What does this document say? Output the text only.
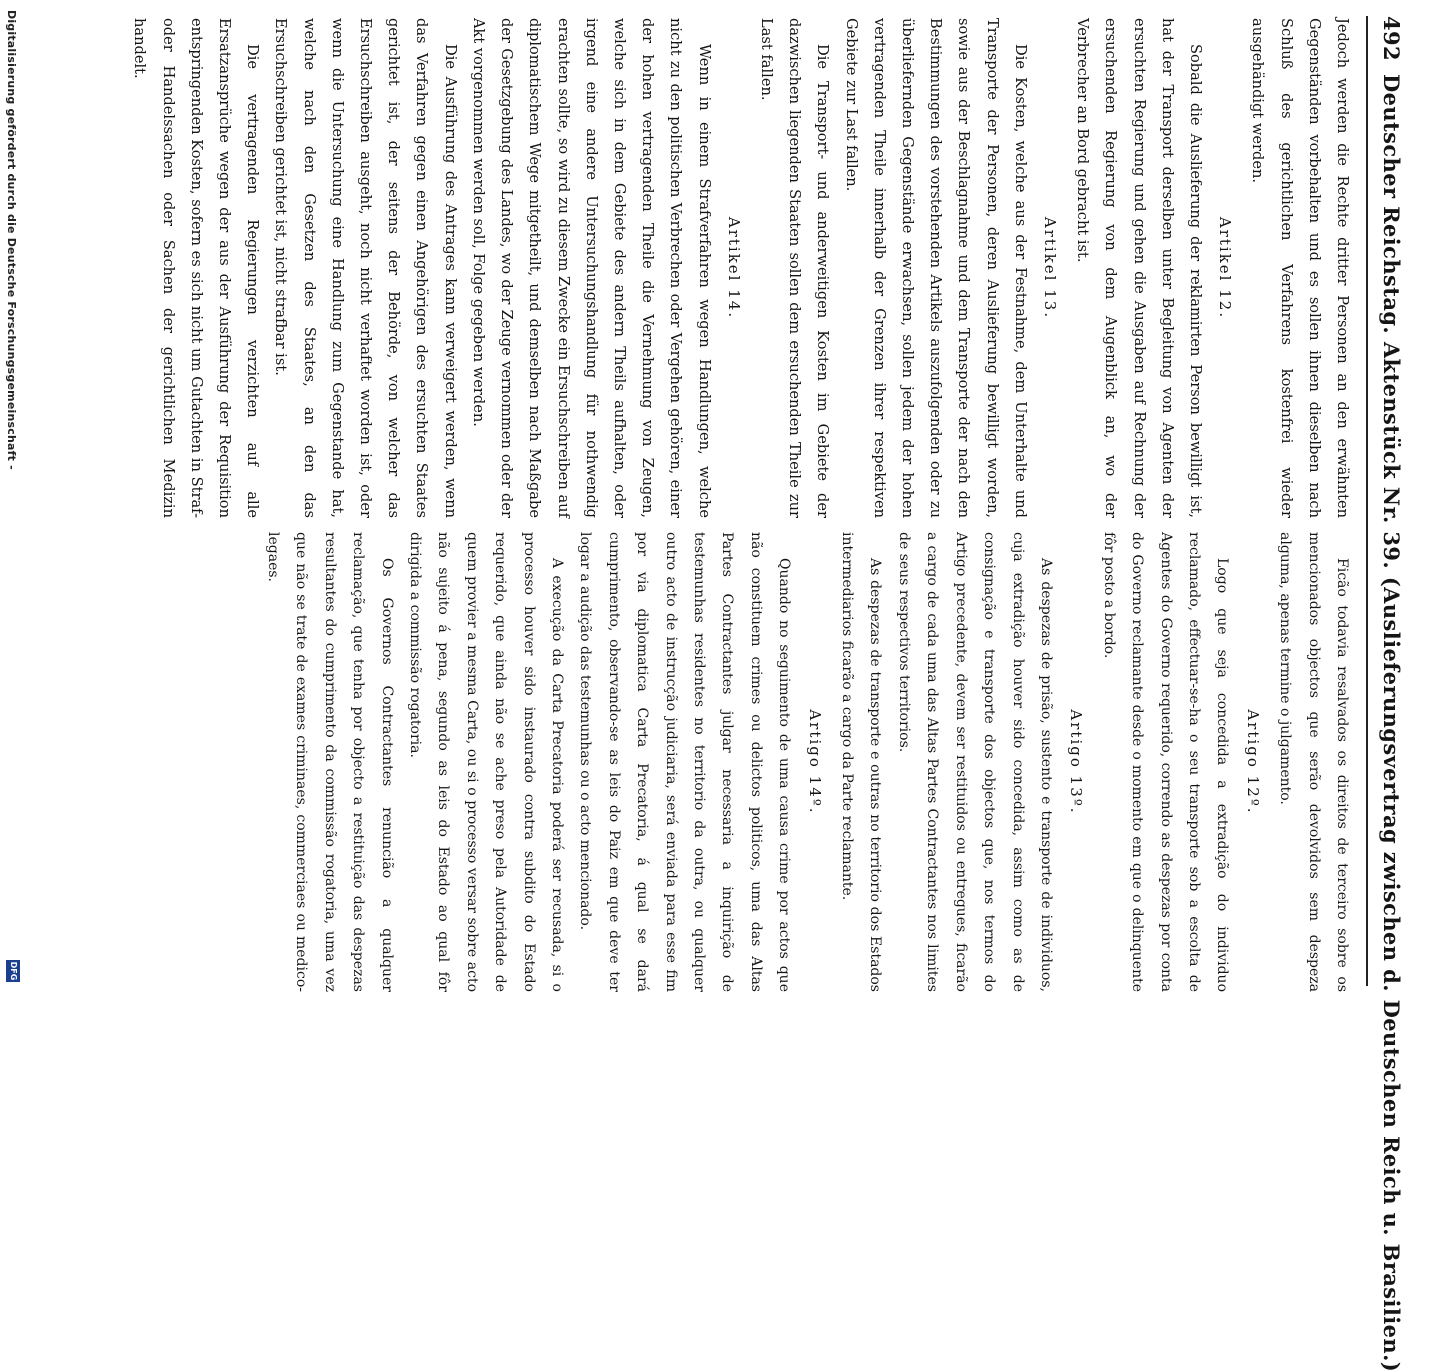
492
Deutscher Reichstag. Aktenstück Nr. 39. (Auslieferungsvertrag zwischen d. Deutschen Reich u. Brasilien.)

Jedoch werden die Rechte dritter Personen an den erwähnten Gegenständen vorbehalten und es sollen ihnen dieselben nach Schluß des gerichtlichen Verfahrens kostenfrei wieder ausgehändigt werden.

Artikel 12.

Sobald die Auslieferung der reklamirten Person bewilligt ist, hat der Transport derselben unter Begleitung von Agenten der ersuchten Regierung und gehen die Ausgaben auf Rechnung der ersuchenden Regierung von dem Augenblick an, wo der Verbrecher an Bord gebracht ist.

Artikel 13.

Die Kosten, welche aus der Festnahme, dem Unterhalte und Transporte der Personen, deren Auslieferung bewilligt worden, sowie aus der Beschlagnahme und dem Transporte der nach den Bestimmungen des vorstehenden Artikels auszufolgenden oder zu überliefernden Gegenstände erwachsen, sollen jedem der hohen vertragenden Theile innerhalb der Grenzen ihrer respektiven Gebiete zur Last fallen.

Die Transport- und anderweitigen Kosten im Gebiete der dazwischen liegenden Staaten sollen dem ersuchenden Theile zur Last fallen.

Artikel 14.

Wenn in einem Strafverfahren wegen Handlungen, welche nicht zu den politischen Verbrechen oder Vergehen gehören, einer der hohen vertragenden Theile die Vernehmung von Zeugen, welche sich in dem Gebiete des andern Theils aufhalten, oder irgend eine andere Untersuchungshandlung für nothwendig erachten sollte, so wird zu diesem Zwecke ein Ersuchschreiben auf diplomatischem Wege mitgetheilt, und demselben nach Maßgabe der Gesetzgebung des Landes, wo der Zeuge vernommen oder der Akt vorgenommen werden soll, Folge gegeben werden.

Die Ausführung des Antrages kann verweigert werden, wenn das Verfahren gegen einen Angehörigen des ersuchten Staates gerichtet ist, der seitens der Behörde, von welcher das Ersuchschreiben ausgeht, noch nicht verhaftet worden ist, oder wenn die Untersuchung eine Handlung zum Gegenstande hat, welche nach den Gesetzen des Staates, an den das Ersuchschreiben gerichtet ist, nicht strafbar ist.

Die vertragenden Regierungen verzichten auf alle Ersatzansprüche wegen der aus der Ausführung der Requisition entspringenden Kosten, sofern es sich nicht um Gutachten in Straf- oder Handelssachen oder Sachen der gerichtlichen Medizin handelt.

Ficão todavia resalvados os direitos de terceiro sobre os mencionados objectos que serão devolvidos sem despeza alguma, apenas termine o julgamento.

Artigo 12º.

Logo que seja concedida a extradição do individuo reclamado, effectuar-se-ha o seu transporte sob a escolta de Agentes do Governo requerido, correndo as despezas por conta do Governo reclamante desde o momento em que o delinquente fôr posto a bordo.

Artigo 13º.

As despezas de prisão, sustento e transporte de individuos, cuja extradição houver sido concedida, assim como as de consignação e transporte dos objectos que, nos termos do Artigo precedente, devem ser restituidos ou entregues, ficarão a cargo de cada uma das Altas Partes Contractantes nos limites de seus respectivos territorios.

As despezas de transporte e outras no territorio dos Estados intermediarios ficarão a cargo da Parte reclamante.

Artigo 14º.

Quando no seguimento de uma causa crime por actos que não constituem crimes ou delictos politicos, uma das Altas Partes Contractantes julgar necessaria a inquirição de testemunhas residentes no territorio da outra, ou qualquer outro acto de instrucção judiciaria, será enviada para esse fim por via diplomatica Carta Precatoria, á qual se dará cumprimento, observando-se as leis do Paiz em que deve ter logar a audição das testemunhas ou o acto mencionado.

A execução da Carta Precatoria poderá ser recusada, si o processo houver sido instaurado contra subdito do Estado requerido, que ainda não se ache preso pela Autoridade de quem provier a mesma Carta, ou si o processo versar sobre acto não sujeito á pena, segundo as leis do Estado ao qual fôr dirigida a commissão rogatoria.

Os Governos Contractantes renuncião a qualquer reclamação, que tenha por objecto a restituição das despezas resultantes do cumprimento da commissão rogatoria, uma vez que não se trate de exames criminaes, commerciaes ou medico-legaes.

Digitalisierung gefördert durch die Deutsche Forschungsgemeinschaft -
DFG
